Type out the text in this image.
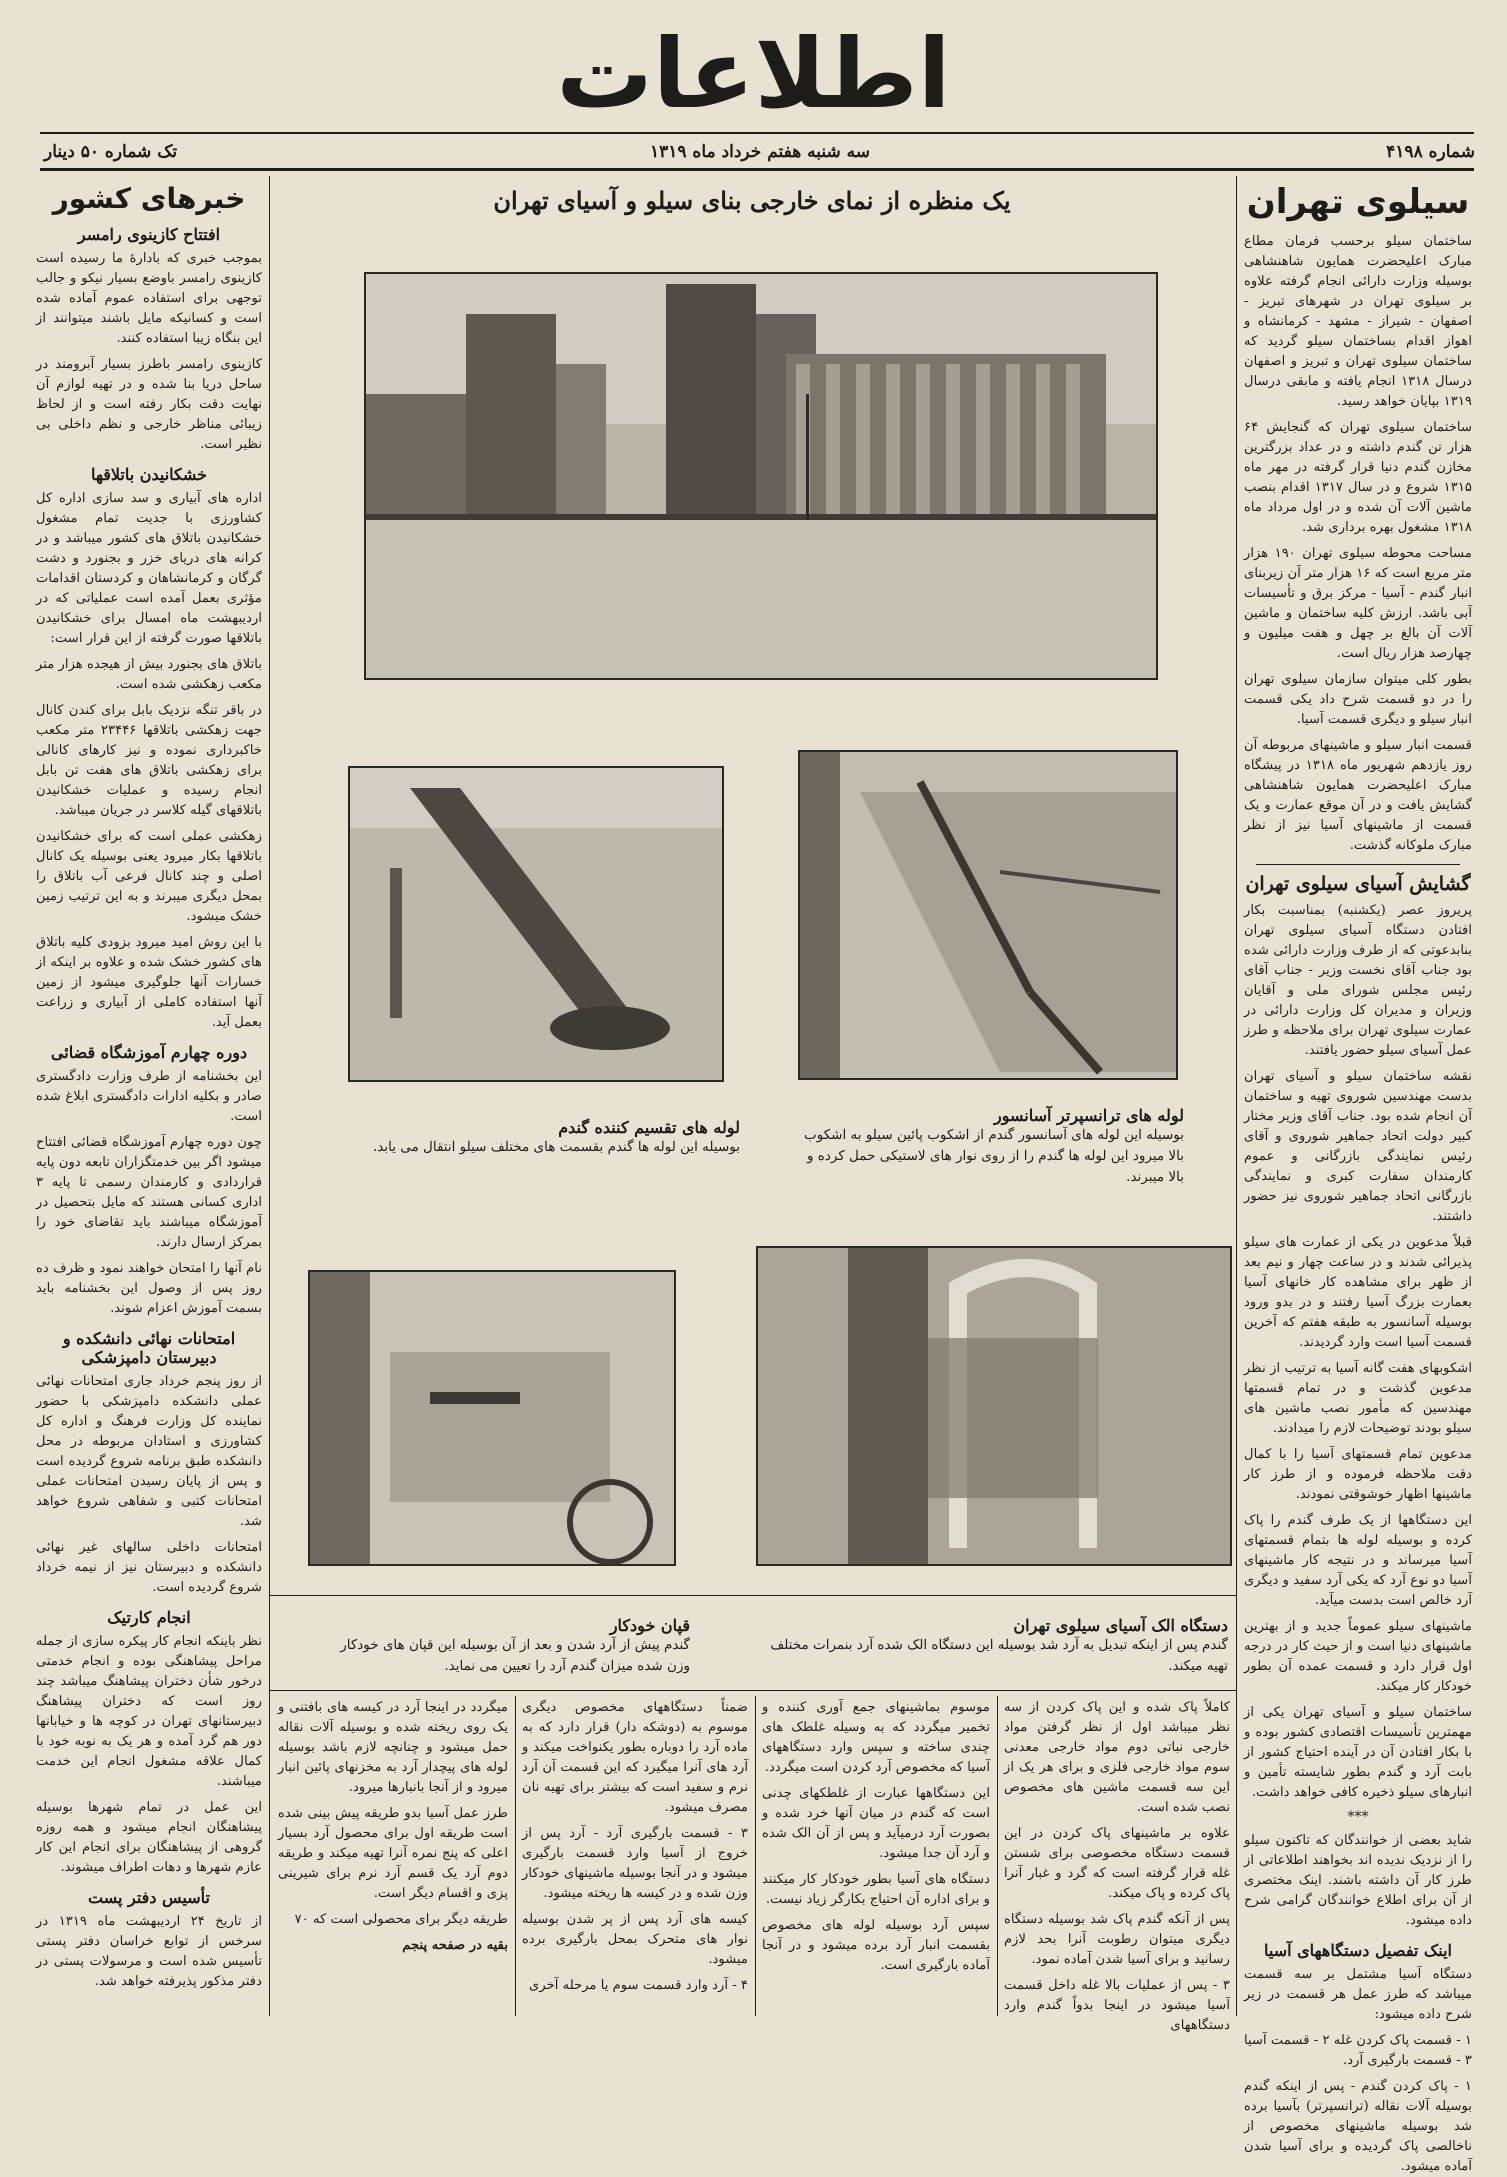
اطلاعات
شماره ۴۱۹۸
سه شنبه هفتم خرداد ماه ۱۳۱۹
تک شماره ۵۰ دینار
سیلوی تهران

ساختمان سیلو برحسب فرمان مطاع مبارک اعلیحضرت همایون شاهنشاهی بوسیله وزارت دارائی انجام گرفته علاوه بر سیلوی تهران در شهرهای تبریز - اصفهان - شیراز - مشهد - کرمانشاه و اهواز اقدام بساختمان سیلو گردید که ساختمان سیلوی تهران و تبریز و اصفهان درسال ۱۳۱۸ انجام یافته و مابقی درسال ۱۳۱۹ بپایان خواهد رسید.

ساختمان سیلوی تهران که گنجایش ۶۴ هزار تن گندم داشته و در عداد بزرگترین مخازن گندم دنیا قرار گرفته در مهر ماه ۱۳۱۵ شروع و در سال ۱۳۱۷ اقدام بنصب ماشین آلات آن شده و در اول مرداد ماه ۱۳۱۸ مشغول بهره برداری شد.

مساحت محوطه سیلوی تهران ۱۹۰ هزار متر مربع است که ۱۶ هزار متر آن زیربنای انبار گندم - آسیا - مرکز برق و تأسیسات آبی باشد. ارزش کلیه ساختمان و ماشین آلات آن بالغ بر چهل و هفت میلیون و چهارصد هزار ریال است.

بطور کلی میتوان سازمان سیلوی تهران را در دو قسمت شرح داد یکی قسمت انبار سیلو و دیگری قسمت آسیا.

قسمت انبار سیلو و ماشینهای مربوطه آن روز یازدهم شهریور ماه ۱۳۱۸ در پیشگاه مبارک اعلیحضرت همایون شاهنشاهی گشایش یافت و در آن موقع عمارت و یک قسمت از ماشینهای آسیا نیز از نظر مبارک ملوکانه گذشت.

گشایش آسیای سیلوی تهران

پریروز عصر (یکشنبه) بمناسبت بکار افتادن دستگاه آسیای سیلوی تهران بنابدعوتی که از طرف وزارت دارائی شده بود جناب آقای نخست وزیر - جناب آقای رئیس مجلس شورای ملی و آقایان وزیران و مدیران کل وزارت دارائی در عمارت سیلوی تهران برای ملاحظه و طرز عمل آسیای سیلو حضور یافتند.

نقشه ساختمان سیلو و آسیای تهران بدست مهندسین شوروی تهیه و ساختمان آن انجام شده بود. جناب آقای وزیر مختار کبیر دولت اتحاد جماهیر شوروی و آقای رئیس نمایندگی بازرگانی و عموم کارمندان سفارت کبری و نمایندگی بازرگانی اتحاد جماهیر شوروی نیز حضور داشتند.

قبلاً مدعوین در یکی از عمارت های سیلو پذیرائی شدند و در ساعت چهار و نیم بعد از ظهر برای مشاهده کار خانهای آسیا بعمارت بزرگ آسیا رفتند و در بدو ورود بوسیله آسانسور به طبقه هفتم که آخرین قسمت آسیا است وارد گردیدند.

اشکوبهای هفت گانه آسیا به ترتیب از نظر مدعوین گذشت و در تمام قسمتها مهندسین که مأمور نصب ماشین های سیلو بودند توضیحات لازم را میدادند.

مدعوین تمام قسمتهای آسیا را با کمال دقت ملاحظه فرموده و از طرز کار ماشینها اظهار خوشوقتی نمودند.

این دستگاهها از یک طرف گندم را پاک کرده و بوسیله لوله ها بتمام قسمتهای آسیا میرساند و در نتیجه کار ماشینهای آسیا دو نوع آرد که یکی آرد سفید و دیگری آرد خالص است بدست میآید.

ماشینهای سیلو عموماً جدید و از بهترین ماشینهای دنیا است و از حیث کار در درجه اول قرار دارد و قسمت عمده آن بطور خودکار کار میکند.

ساختمان سیلو و آسیای تهران یکی از مهمترین تأسیسات اقتصادی کشور بوده و با بکار افتادن آن در آینده احتیاج کشور از بابت آرد و گندم بطور شایسته تأمین و انبارهای سیلو ذخیره کافی خواهد داشت.

***

شاید بعضی از خوانندگان که تاکنون سیلو را از نزدیک ندیده اند بخواهند اطلاعاتی از طرز کار آن داشته باشند. اینک مختصری از آن برای اطلاع خوانندگان گرامی شرح داده میشود.

اینک تفصیل دستگاههای آسیا

دستگاه آسیا مشتمل بر سه قسمت میباشد که طرز عمل هر قسمت در زیر شرح داده میشود:

۱ - قسمت پاک کردن غله ۲ - قسمت آسیا ۳ - قسمت بارگیری آرد.

۱ - پاک کردن گندم - پس از اینکه گندم بوسیله آلات نقاله (ترانسپرتر) بآسیا برده شد بوسیله ماشینهای مخصوص از ناخالصی پاک گردیده و برای آسیا شدن آماده میشود.

خبرهای کشور
افتتاح کازینوی رامسر

بموجب خبری که بادارهٔ ما رسیده است کازینوی رامسر باوضع بسیار نیکو و جالب توجهی برای استفاده عموم آماده شده است و کسانیکه مایل باشند میتوانند از این بنگاه زیبا استفاده کنند.

کازینوی رامسر باطرز بسیار آبرومند در ساحل دریا بنا شده و در تهیه لوازم آن نهایت دقت بکار رفته است و از لحاظ زیبائی مناظر خارجی و نظم داخلی بی نظیر است.

خشکانیدن باتلاقها

اداره های آبیاری و سد سازی اداره کل کشاورزی با جدیت تمام مشغول خشکانیدن باتلاق های کشور میباشد و در کرانه های دریای خزر و بجنورد و دشت گرگان و کرمانشاهان و کردستان اقدامات مؤثری بعمل آمده است عملیاتی که در اردیبهشت ماه امسال برای خشکانیدن باتلاقها صورت گرفته از این قرار است:

باتلاق های بجنورد بیش از هیجده هزار متر مکعب زهکشی شده است.

در باقر تنگه نزدیک بابل برای کندن کانال جهت زهکشی باتلاقها ۲۳۴۴۶ متر مکعب خاکبرداری نموده و نیز کارهای کانالی برای زهکشی باتلاق های هفت تن بابل انجام رسیده و عملیات خشکانیدن باتلاقهای گیله کلاسر در جریان میباشد.

زهکشی عملی است که برای خشکانیدن باتلاقها بکار میرود یعنی بوسیله یک کانال اصلی و چند کانال فرعی آب باتلاق را بمحل دیگری میبرند و به این ترتیب زمین خشک میشود.

با این روش امید میرود بزودی کلیه باتلاق های کشور خشک شده و علاوه بر اینکه از خسارات آنها جلوگیری میشود از زمین آنها استفاده کاملی از آبیاری و زراعت بعمل آید.

دوره چهارم آموزشگاه قضائی

این بخشنامه از طرف وزارت دادگستری صادر و بکلیه ادارات دادگستری ابلاغ شده است.

چون دوره چهارم آموزشگاه قضائی افتتاح میشود اگر بین خدمتگزاران تابعه دون پایه قراردادی و کارمندان رسمی تا پایه ۳ اداری کسانی هستند که مایل بتحصیل در آموزشگاه میباشند باید تقاضای خود را بمرکز ارسال دارند.

نام آنها را امتحان خواهند نمود و ظرف ده روز پس از وصول این بخشنامه باید بسمت آموزش اعزام شوند.

امتحانات نهائی دانشکده و دبیرستان دامپزشکی

از روز پنجم خرداد جاری امتحانات نهائی عملی دانشکده دامپزشکی با حضور نماینده کل وزارت فرهنگ و اداره کل کشاورزی و استادان مربوطه در محل دانشکده طبق برنامه شروع گردیده است و پس از پایان رسیدن امتحانات عملی امتحانات کتبی و شفاهی شروع خواهد شد.

امتحانات داخلی سالهای غیر نهائی دانشکده و دبیرستان نیز از نیمه خرداد شروع گردیده است.

انجام کارتیک

نظر باینکه انجام کار پیکره سازی از جمله مراحل پیشاهنگی بوده و انجام خدمتی درخور شأن دختران پیشاهنگ میباشد چند روز است که دختران پیشاهنگ دبیرستانهای تهران در کوچه ها و خیابانها دور هم گرد آمده و هر یک به نوبه خود با کمال علاقه مشغول انجام این خدمت میباشند.

این عمل در تمام شهرها بوسیله پیشاهنگان انجام میشود و همه روزه گروهی از پیشاهنگان برای انجام این کار عازم شهرها و دهات اطراف میشوند.

تأسیس دفتر پست

از تاریخ ۲۴ اردیبهشت ماه ۱۳۱۹ در سرخس از توابع خراسان دفتر پستی تأسیس شده است و مرسولات پستی در دفتر مذکور پذیرفته خواهد شد.

یک منظره از نمای خارجی بنای سیلو و آسیای تهران
لوله های ترانسپرتر آسانسور
بوسیله این لوله های آسانسور گندم از اشکوب پائین سیلو به اشکوب بالا میرود این لوله ها گندم را از روی نوار های لاستیکی حمل کرده و بالا میبرند.
لوله های تقسیم کننده گندم
بوسیله این لوله ها گندم بقسمت های مختلف سیلو انتقال می یابد.
دستگاه الک آسیای سیلوی تهران
گندم پس از اینکه تبدیل به آرد شد بوسیله این دستگاه الک شده آرد بنمرات مختلف تهیه میکند.
قپان خودکار
گندم پیش از آرد شدن و بعد از آن بوسیله این قپان های خودکار وزن شده میزان گندم آرد را تعیین می نماید.

کاملاً پاک شده و این پاک کردن از سه نظر میباشد اول از نظر گرفتن مواد خارجی نباتی دوم مواد خارجی معدنی سوم مواد خارجی فلزی و برای هر یک از این سه قسمت ماشین های مخصوص نصب شده است.

علاوه بر ماشینهای پاک کردن در این قسمت دستگاه مخصوصی برای شستن غله قرار گرفته است که گرد و غبار آنرا پاک کرده و پاک میکند.

پس از آنکه گندم پاک شد بوسیله دستگاه دیگری میتوان رطوبت آنرا بحد لازم رسانید و برای آسیا شدن آماده نمود.

۳ - پس از عملیات بالا غله داخل قسمت آسیا میشود در اینجا بدواً گندم وارد دستگاههای

موسوم بماشینهای جمع آوری کننده و تخمیر میگردد که به وسیله غلطک های چندی ساخته و سپس وارد دستگاههای آسیا که مخصوص آرد کردن است میگردد.

این دستگاهها عبارت از غلطکهای چدنی است که گندم در میان آنها خرد شده و بصورت آرد درمیآید و پس از آن الک شده و آرد آن جدا میشود.

دستگاه های آسیا بطور خودکار کار میکنند و برای اداره آن احتیاج بکارگر زیاد نیست.

سپس آرد بوسیله لوله های مخصوص بقسمت انبار آرد برده میشود و در آنجا آماده بارگیری است.

ضمناً دستگاههای مخصوص دیگری موسوم به (دوشکه دار) قرار دارد که به ماده آرد را دوباره بطور یکنواخت میکند و آرد های آنرا میگیرد که این قسمت آن آرد نرم و سفید است که بیشتر برای تهیه نان مصرف میشود.

۳ - قسمت بارگیری آرد - آرد پس از خروج از آسیا وارد قسمت بارگیری میشود و در آنجا بوسیله ماشینهای خودکار وزن شده و در کیسه ها ریخته میشود.

کیسه های آرد پس از پر شدن بوسیله نوار های متحرک بمحل بارگیری برده میشود.

۴ - آرد وارد قسمت سوم یا مرحله آخری

میگردد در اینجا آرد در کیسه های بافتنی و یک روی ریخته شده و بوسیله آلات نقاله حمل میشود و چنانچه لازم باشد بوسیله لوله های پیچدار آرد به مخزنهای پائین انبار میرود و از آنجا بانبارها میرود.

طرز عمل آسیا بدو طریقه پیش بینی شده است طریقه اول برای محصول آرد بسیار اعلی که پنج نمره آنرا تهیه میکند و طریقه دوم آرد یک قسم آرد نرم برای شیرینی پزی و اقسام دیگر است.

طریقه دیگر برای محصولی است که ۷۰

بقیه در صفحه پنجم
